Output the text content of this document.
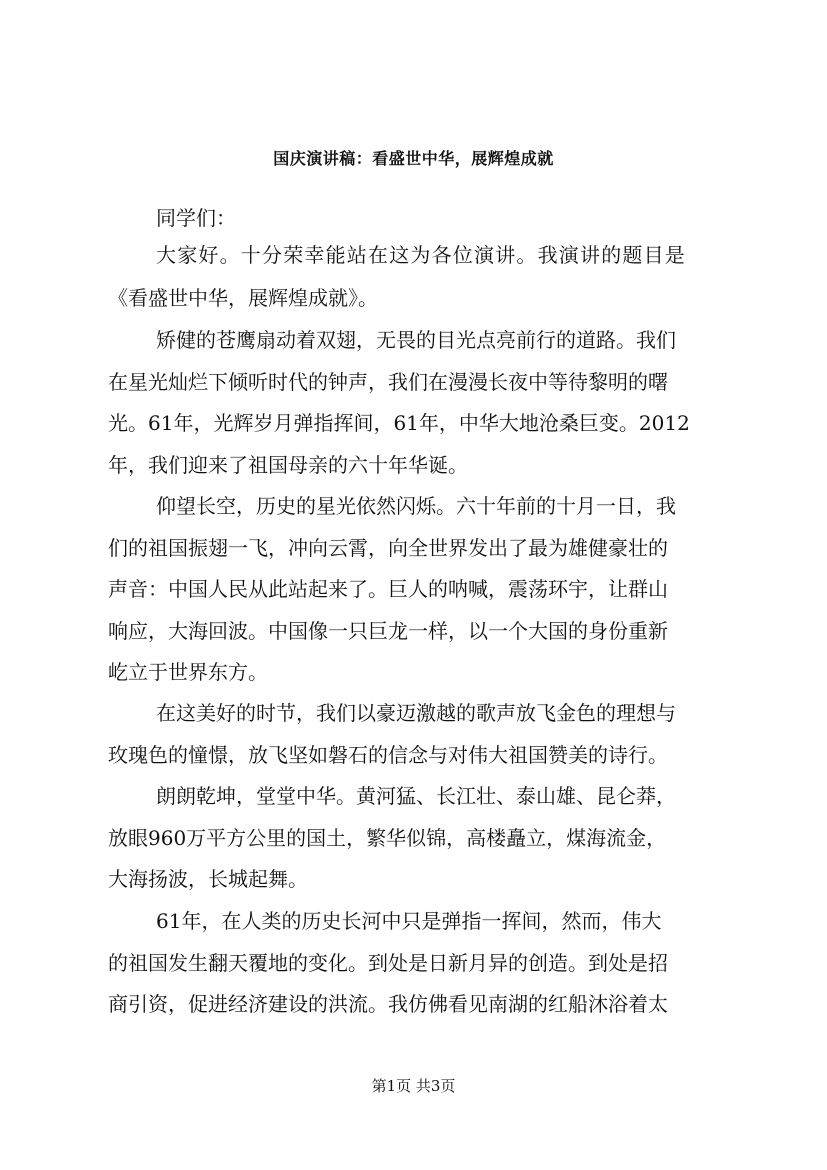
国庆演讲稿：看盛世中华，展辉煌成就
同学们：
大家好。十分荣幸能站在这为各位演讲。我演讲的题目是
《看盛世中华，展辉煌成就》。
矫健的苍鹰扇动着双翅，无畏的目光点亮前行的道路。我们
在星光灿烂下倾听时代的钟声，我们在漫漫长夜中等待黎明的曙
光。61年，光辉岁月弹指挥间，61年，中华大地沧桑巨变。2012
年，我们迎来了祖国母亲的六十年华诞。
仰望长空，历史的星光依然闪烁。六十年前的十月一日，我
们的祖国振翅一飞，冲向云霄，向全世界发出了最为雄健豪壮的
声音：中国人民从此站起来了。巨人的呐喊，震荡环宇，让群山
响应，大海回波。中国像一只巨龙一样，以一个大国的身份重新
屹立于世界东方。
在这美好的时节，我们以豪迈激越的歌声放飞金色的理想与
玫瑰色的憧憬，放飞坚如磐石的信念与对伟大祖国赞美的诗行。
朗朗乾坤，堂堂中华。黄河猛、长江壮、泰山雄、昆仑莽，
放眼960万平方公里的国土，繁华似锦，高楼矗立，煤海流金，
大海扬波，长城起舞。
61年，在人类的历史长河中只是弹指一挥间，然而，伟大
的祖国发生翻天覆地的变化。到处是日新月异的创造。到处是招
商引资，促进经济建设的洪流。我仿佛看见南湖的红船沐浴着太
第1页 共3页
